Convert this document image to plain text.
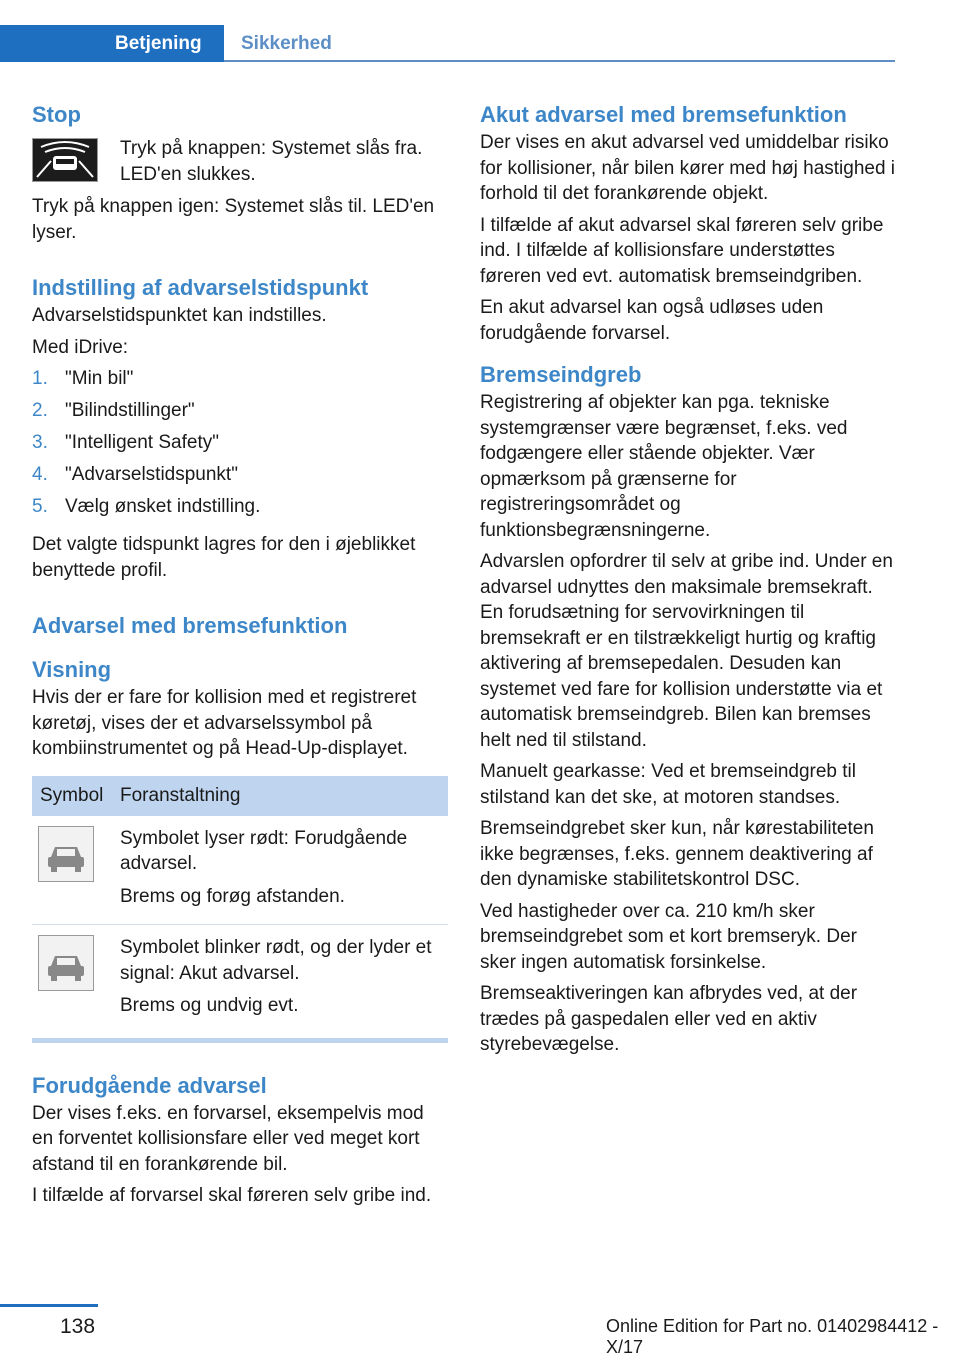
Betjening	Sikkerhed
Stop
Tryk på knappen: Systemet slås fra. LED'en slukkes.

Tryk på knappen igen: Systemet slås til. LED'en lyser.

Indstilling af advarselstidspunkt

Advarselstidspunktet kan indstilles.

Med iDrive:

1. "Min bil"
2. "Bilindstillinger"
3. "Intelligent Safety"
4. "Advarselstidspunkt"
5. Vælg ønsket indstilling.

Det valgte tidspunkt lagres for den i øjeblikket benyttede profil.

Advarsel med bremsefunktion
Visning

Hvis der er fare for kollision med et registreret køretøj, vises der et advarselssymbol på kombiinstrumentet og på Head-Up-displayet.

Symbol	Foranstaltning

Symbolet lyser rødt: Forudgående advarsel.

Brems og forøg afstanden.

Symbolet blinker rødt, og der lyder et signal: Akut advarsel.

Brems og undvig evt.

Forudgående advarsel

Der vises f.eks. en forvarsel, eksempelvis mod en forventet kollisionsfare eller ved meget kort afstand til en forankørende bil.

I tilfælde af forvarsel skal føreren selv gribe ind.

Akut advarsel med bremsefunktion

Der vises en akut advarsel ved umiddelbar risiko for kollisioner, når bilen kører med høj hastighed i forhold til det forankørende objekt.

I tilfælde af akut advarsel skal føreren selv gribe ind. I tilfælde af kollisionsfare understøttes føreren ved evt. automatisk bremseindgriben.

En akut advarsel kan også udløses uden forudgående forvarsel.

Bremseindgreb

Registrering af objekter kan pga. tekniske systemgrænser være begrænset, f.eks. ved fodgængere eller stående objekter. Vær opmærksom på grænserne for registreringsområdet og funktionsbegrænsningerne.

Advarslen opfordrer til selv at gribe ind. Under en advarsel udnyttes den maksimale bremsekraft. En forudsætning for servovirkningen til bremsekraft er en tilstrækkeligt hurtig og kraftig aktivering af bremsepedalen. Desuden kan systemet ved fare for kollision understøtte via et automatisk bremseindgreb. Bilen kan bremses helt ned til stilstand.

Manuelt gearkasse: Ved et bremseindgreb til stilstand kan det ske, at motoren standses.

Bremseindgrebet sker kun, når kørestabiliteten ikke begrænses, f.eks. gennem deaktivering af den dynamiske stabilitetskontrol DSC.

Ved hastigheder over ca. 210 km/h sker bremseindgrebet som et kort bremseryk. Der sker ingen automatisk forsinkelse.

Bremseaktiveringen kan afbrydes ved, at der trædes på gaspedalen eller ved en aktiv styrebevægelse.

138	Online Edition for Part no. 01402984412 - X/17
